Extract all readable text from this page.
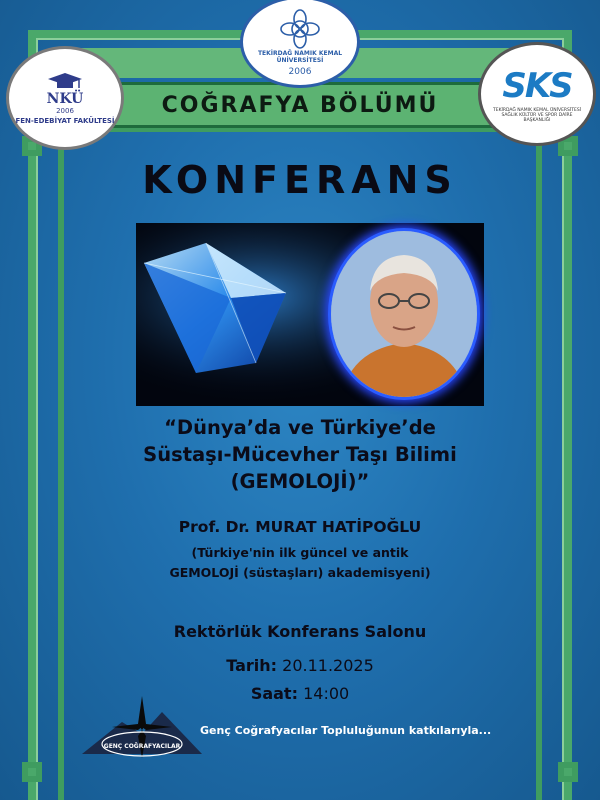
COĞRAFYA BÖLÜMÜ
NKÜ
2006
FEN-EDEBİYAT FAKÜLTESİ
TEKİRDAĞ NAMIK KEMAL ÜNİVERSİTESİ
2006	SKS
TEKİRDAĞ NAMIK KEMAL ÜNİVERSİTESİ SAĞLIK KÜLTÜR VE SPOR DAİRE BAŞKANLIĞI
KONFERANS
“Dünya’da ve Türkiye’de
Süstaşı-Mücevher Taşı Bilimi
(GEMOLOJİ)”
Prof. Dr. MURAT HATİPOĞLU
(Türkiye'nin ilk güncel ve antik
GEMOLOJİ (süstaşları) akademisyeni)
Rektörlük Konferans Salonu
Tarih: 20.11.2025
Saat: 14:00
GENÇ COĞRAFYACILAR
Genç Coğrafyacılar Topluluğunun katkılarıyla...
